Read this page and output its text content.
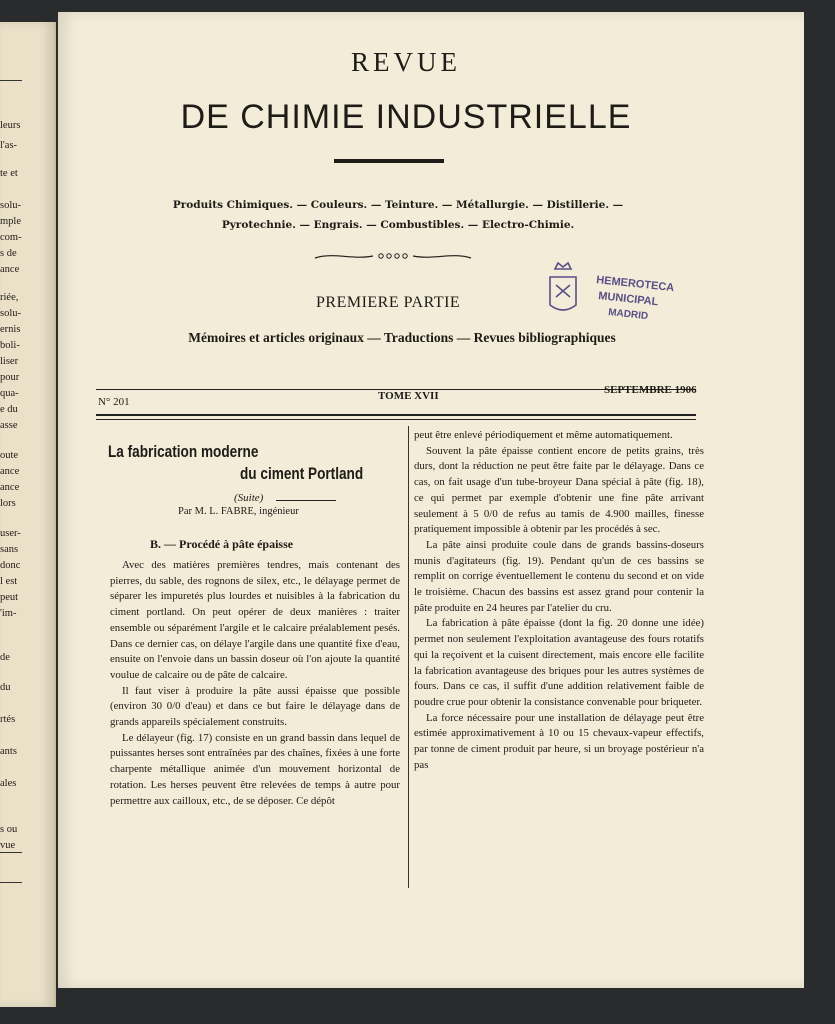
leurs
l'as-
te et
solu-
mple
com-
s de
ance
riée,
solu-
ernis
boli-
liser
pour
qua-
e du
asse
oute
ance
ance
lors
user-
sans
donc
l est
peut
'im-
de
du
rtés
ants
ales
s ou
vue
REVUE
DE CHIMIE INDUSTRIELLE
Produits Chimiques. — Couleurs. — Teinture. — Métallurgie. — Distillerie. —
Pyrotechnie. — Engrais. — Combustibles. — Electro-Chimie.
HEMEROTECA
MUNICIPAL
MADRID
PREMIERE PARTIE
Mémoires et articles originaux — Traductions — Revues bibliographiques
N° 201	TOME XVII	SEPTEMBRE 1906
La fabrication moderne
du ciment Portland
(Suite)
Par M. L. FABRE, ingénieur
B. — Procédé à pâte épaisse

Avec des matières premières tendres, mais contenant des pierres, du sable, des rognons de silex, etc., le délayage permet de séparer les impuretés plus lourdes et nuisibles à la fabrication du ciment portland. On peut opérer de deux manières : traiter ensemble ou séparément l'argile et le calcaire préalablement pesés. Dans ce dernier cas, on délaye l'argile dans une quantité fixe d'eau, ensuite on l'envoie dans un bassin doseur où l'on ajoute la quantité voulue de calcaire ou de pâte de calcaire.

Il faut viser à produire la pâte aussi épaisse que possible (environ 30 0/0 d'eau) et dans ce but faire le délayage dans de grands appareils spécialement construits.

Le délayeur (fig. 17) consiste en un grand bassin dans lequel de puissantes herses sont entraînées par des chaînes, fixées à une forte charpente métallique animée d'un mouvement horizontal de rotation. Les herses peuvent être relevées de temps à autre pour permettre aux cailloux, etc., de se déposer. Ce dépôt

peut être enlevé périodiquement et même automatiquement.

Souvent la pâte épaisse contient encore de petits grains, très durs, dont la réduction ne peut être faite par le délayage. Dans ce cas, on fait usage d'un tube-broyeur Dana spécial à pâte (fig. 18), ce qui permet par exemple d'obtenir une fine pâte arrivant seulement à 5 0/0 de refus au tamis de 4.900 mailles, finesse pratiquement impossible à obtenir par les procédés à sec.

La pâte ainsi produite coule dans de grands bassins-doseurs munis d'agitateurs (fig. 19). Pendant qu'un de ces bassins se remplit on corrige éventuellement le contenu du second et on vide le troisième. Chacun des bassins est assez grand pour contenir la pâte produite en 24 heures par l'atelier du cru.

La fabrication à pâte épaisse (dont la fig. 20 donne une idée) permet non seulement l'exploitation avantageuse des fours rotatifs qui la reçoivent et la cuisent directement, mais encore elle facilite la fabrication avantageuse des briques pour les autres systèmes de fours. Dans ce cas, il suffit d'une addition relativement faible de poudre crue pour obtenir la consistance convenable pour briqueter.

La force nécessaire pour une installation de délayage peut être estimée approximativement à 10 ou 15 chevaux-vapeur effectifs, par tonne de ciment produit par heure, si un broyage postérieur n'a pas
